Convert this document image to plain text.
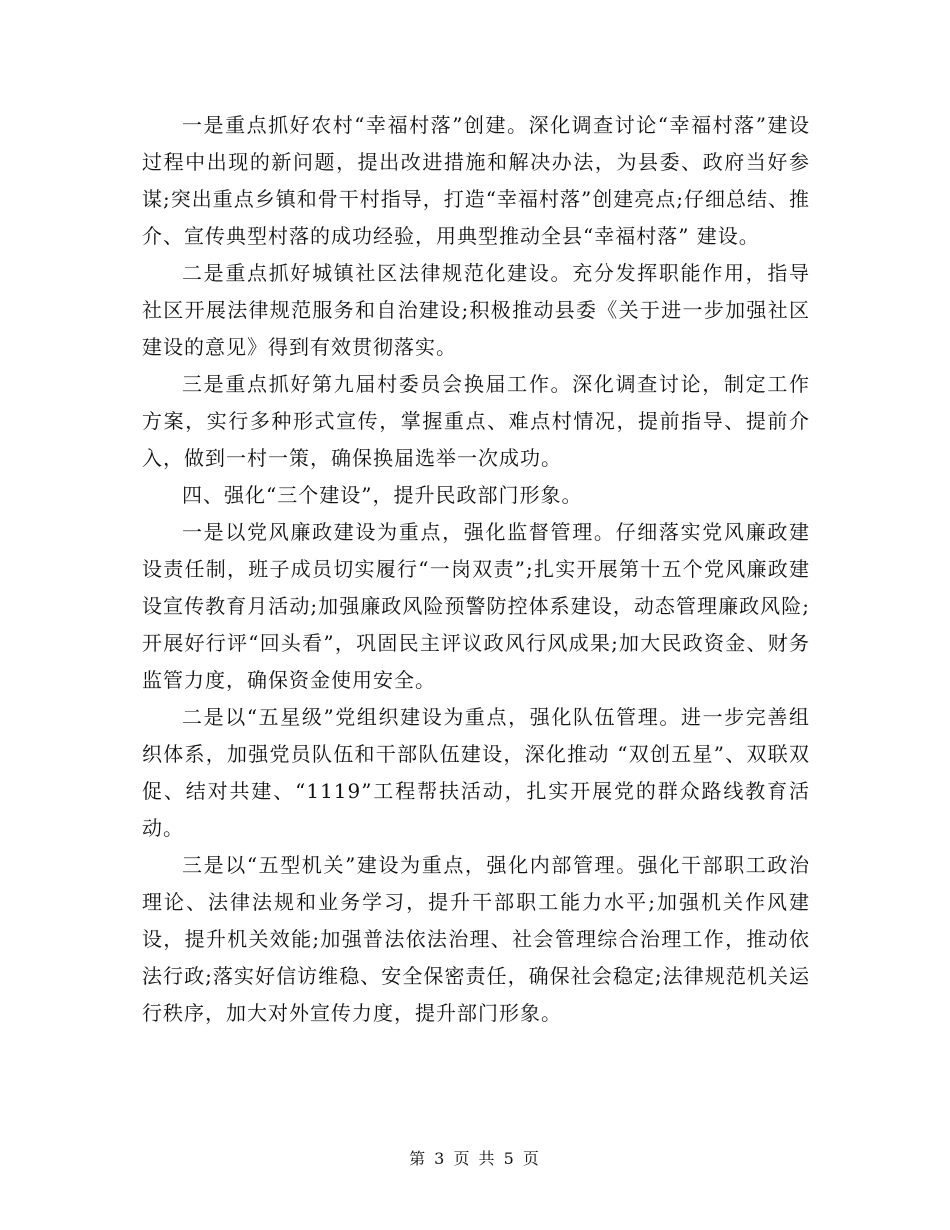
一是重点抓好农村“幸福村落”创建。深化调查讨论“幸福村落”建设过程中出现的新问题，提出改进措施和解决办法，为县委、政府当好参谋;突出重点乡镇和骨干村指导，打造“幸福村落”创建亮点;仔细总结、推介、宣传典型村落的成功经验，用典型推动全县“幸福村落” 建设。

二是重点抓好城镇社区法律规范化建设。充分发挥职能作用，指导社区开展法律规范服务和自治建设;积极推动县委《关于进一步加强社区建设的意见》得到有效贯彻落实。

三是重点抓好第九届村委员会换届工作。深化调查讨论，制定工作方案，实行多种形式宣传，掌握重点、难点村情况，提前指导、提前介入，做到一村一策，确保换届选举一次成功。

四、强化“三个建设”，提升民政部门形象。

一是以党风廉政建设为重点，强化监督管理。仔细落实党风廉政建设责任制，班子成员切实履行“一岗双责”;扎实开展第十五个党风廉政建设宣传教育月活动;加强廉政风险预警防控体系建设，动态管理廉政风险;开展好行评“回头看”，巩固民主评议政风行风成果;加大民政资金、财务监管力度，确保资金使用安全。

二是以“五星级”党组织建设为重点，强化队伍管理。进一步完善组织体系，加强党员队伍和干部队伍建设，深化推动 “双创五星”、双联双促、结对共建、“1119”工程帮扶活动，扎实开展党的群众路线教育活动。

三是以“五型机关”建设为重点，强化内部管理。强化干部职工政治理论、法律法规和业务学习，提升干部职工能力水平;加强机关作风建设，提升机关效能;加强普法依法治理、社会管理综合治理工作，推动依法行政;落实好信访维稳、安全保密责任，确保社会稳定;法律规范机关运行秩序，加大对外宣传力度，提升部门形象。

第 3 页 共 5 页
